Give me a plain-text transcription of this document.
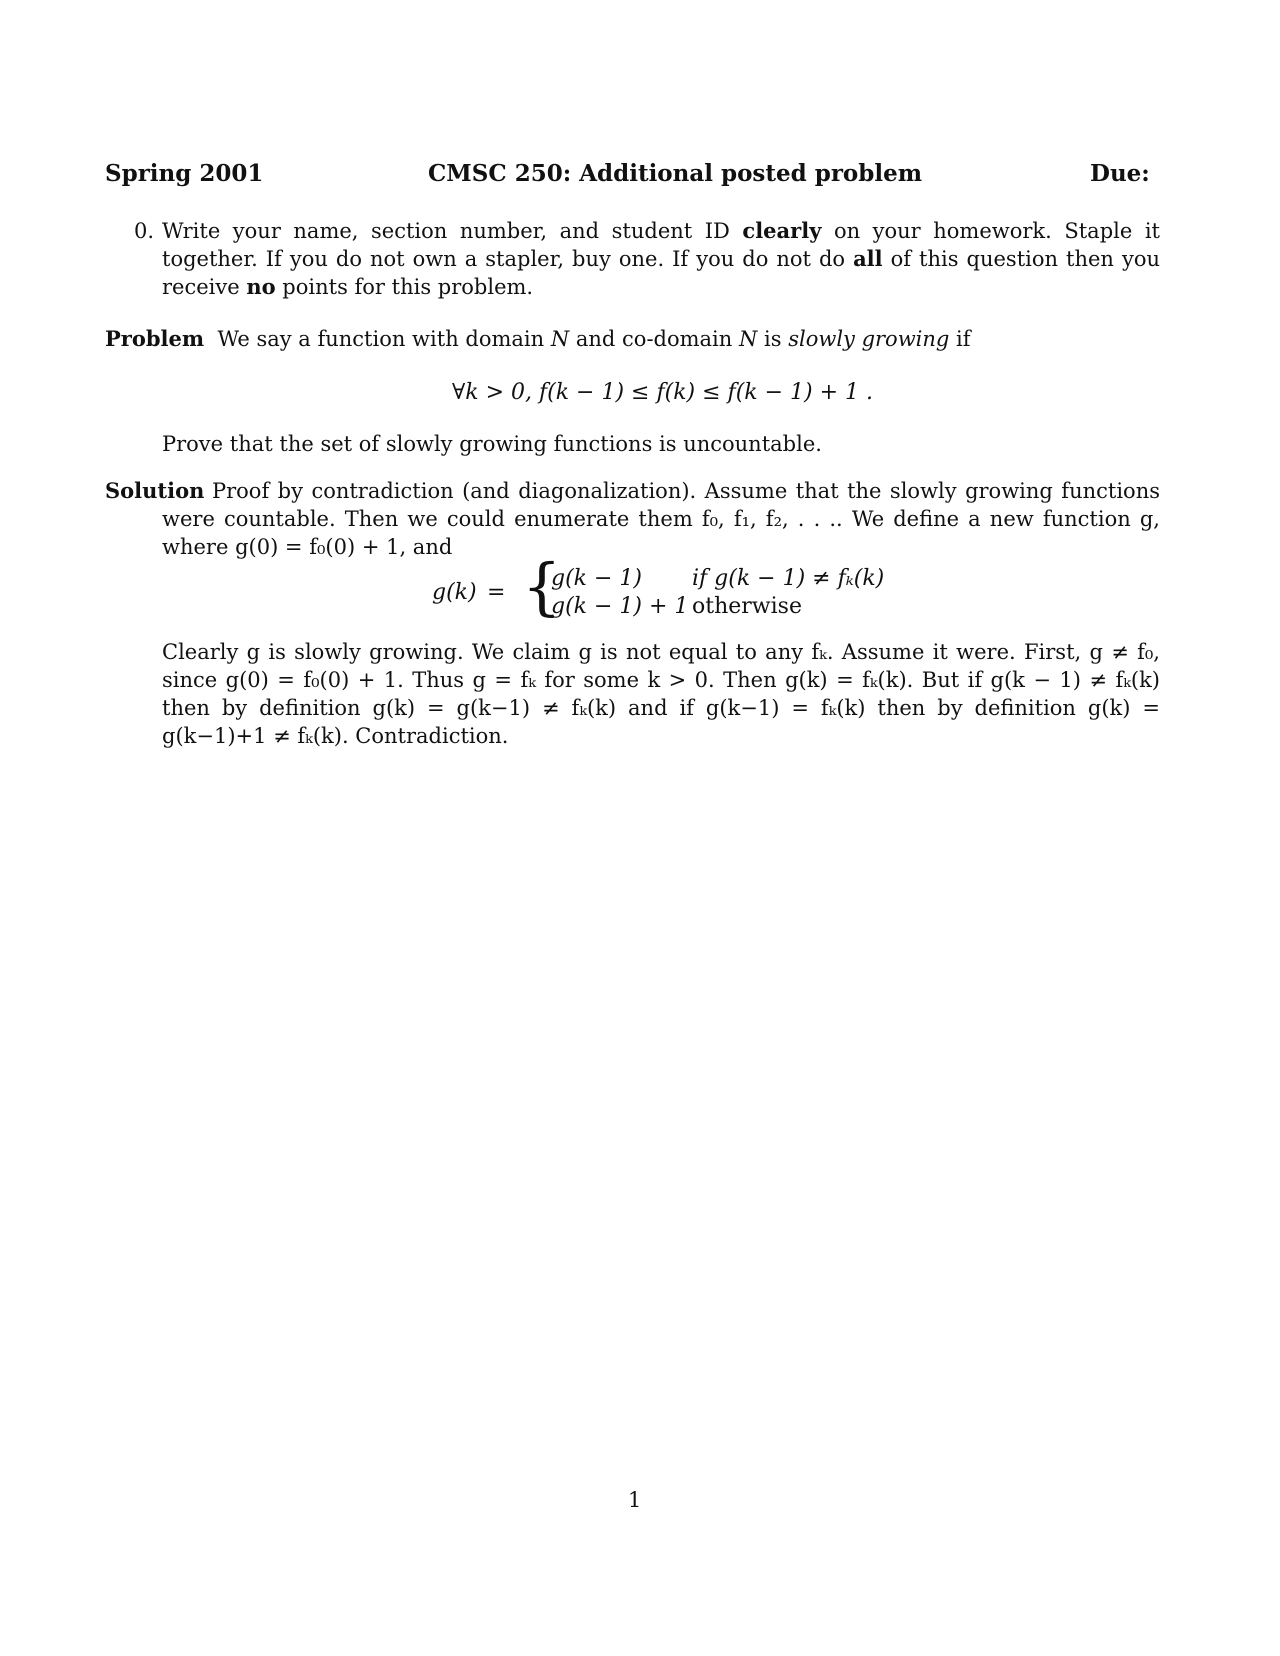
Spring 2001	CMSC 250: Additional posted problem	Due:
0. Write your name, section number, and student ID clearly on your homework. Staple it together. If you do not own a stapler, buy one. If you do not do all of this question then you receive no points for this problem.
Problem We say a function with domain N and co-domain N is slowly growing if
∀k > 0, f(k − 1) ≤ f(k) ≤ f(k − 1) + 1 .
Prove that the set of slowly growing functions is uncountable.
Solution Proof by contradiction (and diagonalization). Assume that the slowly growing functions were countable. Then we could enumerate them f₀, f₁, f₂, . . .. We define a new function g, where g(0) = f₀(0) + 1, and
g(k) = {
g(k − 1) if g(k − 1) ≠ fₖ(k)
g(k − 1) + 1 otherwise
Clearly g is slowly growing. We claim g is not equal to any fₖ. Assume it were. First, g ≠ f₀, since g(0) = f₀(0) + 1. Thus g = fₖ for some k > 0. Then g(k) = fₖ(k). But if g(k − 1) ≠ fₖ(k) then by definition g(k) = g(k−1) ≠ fₖ(k) and if g(k−1) = fₖ(k) then by definition g(k) = g(k−1)+1 ≠ fₖ(k). Contradiction.
1
